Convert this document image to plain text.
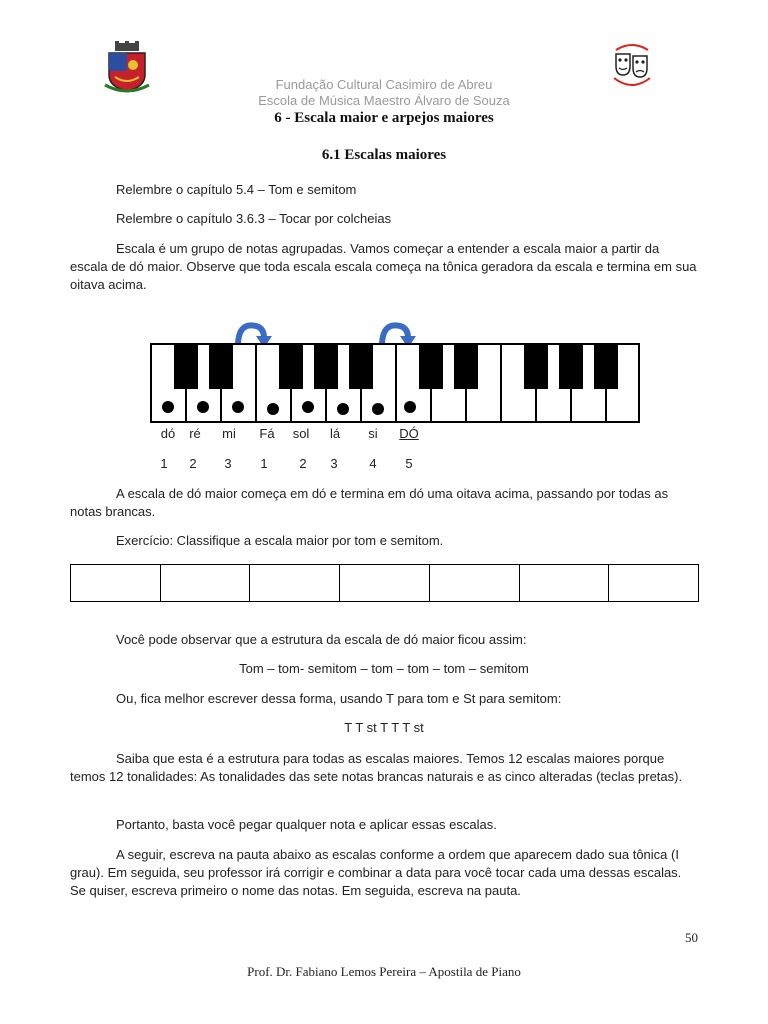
Fundação Cultural Casimiro de Abreu
Escola de Música Maestro Álvaro de Souza
6 - Escala maior e arpejos maiores
6.1 Escalas maiores
Relembre o capítulo 5.4 – Tom e semitom
Relembre o capítulo 3.6.3 – Tocar por colcheias
Escala é um grupo de notas agrupadas. Vamos começar a entender a escala maior a partir da escala de dó maior. Observe que toda escala escala começa na tônica geradora da escala e termina em sua oitava acima.
dó ré mi Fá sol lá si DÓ
1 2 3 1 2 3 4 5
A escala de dó maior começa em dó e termina em dó uma oitava acima, passando por todas as notas brancas.
Exercício: Classifique a escala maior por tom e semitom.

Você pode observar que a estrutura da escala de dó maior ficou assim:
Tom – tom- semitom – tom – tom – tom – semitom
Ou, fica melhor escrever dessa forma, usando T para tom e St para semitom:
T T st T T T st
Saiba que esta é a estrutura para todas as escalas maiores. Temos 12 escalas maiores porque temos 12 tonalidades: As tonalidades das sete notas brancas naturais e as cinco alteradas (teclas pretas).
Portanto, basta você pegar qualquer nota e aplicar essas escalas.
A seguir, escreva na pauta abaixo as escalas conforme a ordem que aparecem dado sua tônica (I grau). Em seguida, seu professor irá corrigir e combinar a data para você tocar cada uma dessas escalas. Se quiser, escreva primeiro o nome das notas. Em seguida, escreva na pauta.
50
Prof. Dr. Fabiano Lemos Pereira – Apostila de Piano
